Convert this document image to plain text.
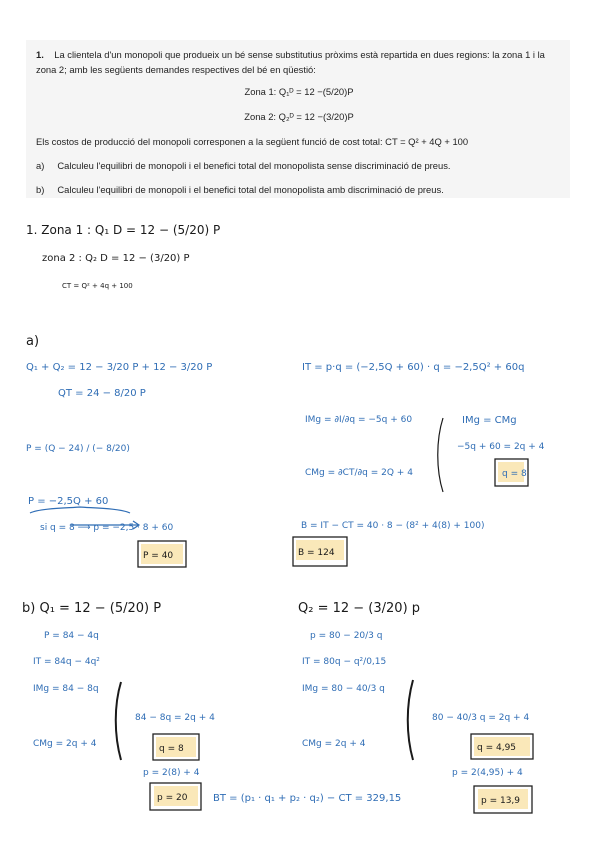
1. La clientela d'un monopoli que produeix un bé sense substitutius pròxims està repartida en dues regions: la zona 1 i la zona 2; amb les següents demandes respectives del bé en qüestió:

Zona 1: Q₁ᴰ = 12 −(5/20)P

Zona 2: Q₂ᴰ = 12 −(3/20)P

Els costos de producció del monopoli corresponen a la següent funció de cost total: CT = Q² + 4Q + 100

a) Calculeu l'equilibri de monopoli i el benefici total del monopolista sense discriminació de preus.

b) Calculeu l'equilibri de monopoli i el benefici total del monopolista amb discriminació de preus.

1. Zona 1 : Q₁ D = 12 − (5/20) P
zona 2 : Q₂ D = 12 − (3/20) P
CT = Q² + 4q + 100
a)
b) Q₁ = 12 − (5/20) P	Q₂ = 12 − (3/20) p
P = 40	B = 124
q = 8
p = 20
q = 4,95
p = 13,9
Q₁ + Q₂ = 12 − 3/20 P + 12 − 3/20 P
QT = 24 − 8/20 P
P = (Q − 24) / (− 8/20)
P = −2,5Q + 60
si q = 8 ⟶ p = −2,5 · 8 + 60
IT = p·q = (−2,5Q + 60) · q = −2,5Q² + 60q
IMg = ∂I/∂q = −5q + 60
CMg = ∂CT/∂q = 2Q + 4
IMg = CMg
−5q + 60 = 2q + 4
q = 8
B = IT − CT = 40 · 8 − (8² + 4(8) + 100)
P = 84 − 4q
IT = 84q − 4q²
IMg = 84 − 8q
CMg = 2q + 4
84 − 8q = 2q + 4
p = 2(8) + 4
BT = (p₁ · q₁ + p₂ · q₂) − CT = 329,15
p = 80 − 20/3 q
IT = 80q − q²/0,15
IMg = 80 − 40/3 q
CMg = 2q + 4
80 − 40/3 q = 2q + 4
p = 2(4,95) + 4
